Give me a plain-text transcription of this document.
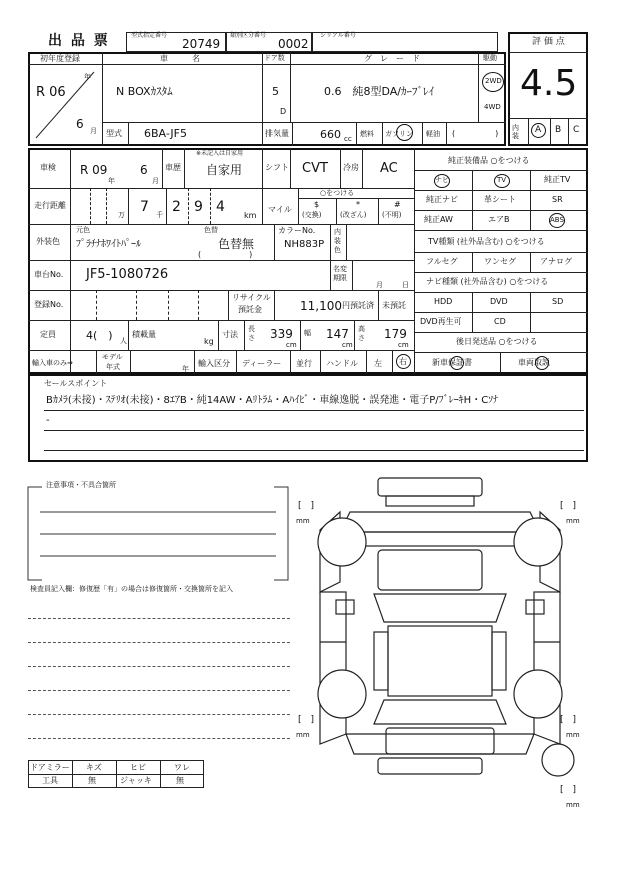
出 品 票	型式指定番号
20749
類別区分番号
0002
シリアル番号
評 価 点
4.5
内装
A B C
初年度登録
年
R 06
6 月
車　　　名
N BOXｶｽﾀﾑ
ドア数
5
D
グ　レ　ー　ド
0.6　純8型DA/ｶｰﾌﾞﾚｲ
駆動
2WD
4WD
型式 6BA-JF5	排気量	660 cc
燃料 ガソリン 軽油 (　　　　　)
車検 R 09
年
6
月
車歴
※未記入は自家用
自家用	シフト CVT 冷房 AC
走行距離
万 7 千 2 9 4
km
マイル
○をつける
$
(交換)
*
(改ざん)
#
(不明)
外装色
元色
ﾌﾟﾗﾁﾅﾎﾜｲﾄﾊﾟｰﾙ
色替
色替無
(　　　　　　)
カラーNo.
NH883P
内装色
車台No. JF5-1080726	名変期限
月	日
登録No.
リサイクル
預託金	11,100 円預託済 未預託
定員	4(　) 人
積載量
kg
寸法
長さ 339
cm
幅 147
cm
高さ 179
cm
輸入車のみ⇒
モデル
年式	年
輸入区分 ディーラー 並行 ハンドル 左 右
純正装備品 ○をつける
ナビ	TV	純正TV
純正ナビ	革シート	SR
純正AW	エアB	ABS
TV種類 (社外品含む) ○をつける
フルセグ	ワンセグ	アナログ
ナビ種類 (社外品含む) ○をつける
HDD	DVD	SD
DVD再生可	CD
後日発送品 ○をつける
新車保証書	車両取説
セールスポイント
Bｶﾒﾗ(未接)・ｽﾃﾘｵ(未接)・8ｴｱB・純14AW・Aﾘﾄﾗﾑ・Aﾊｲﾋﾞ・車線逸脱・誤発進・電子P/ﾌﾞﾚｰｷH・Cｿﾅ
-
注意事項・不具合箇所
検査員記入欄：修復歴「有」の場合は修復箇所・交換箇所を記入
ドアミラー キズ	ヒビ	ワレ
工具	無	ジャッキ	無
[　]
mm
[　]
mm
[　]
mm
[　]
mm
[　]
mm
